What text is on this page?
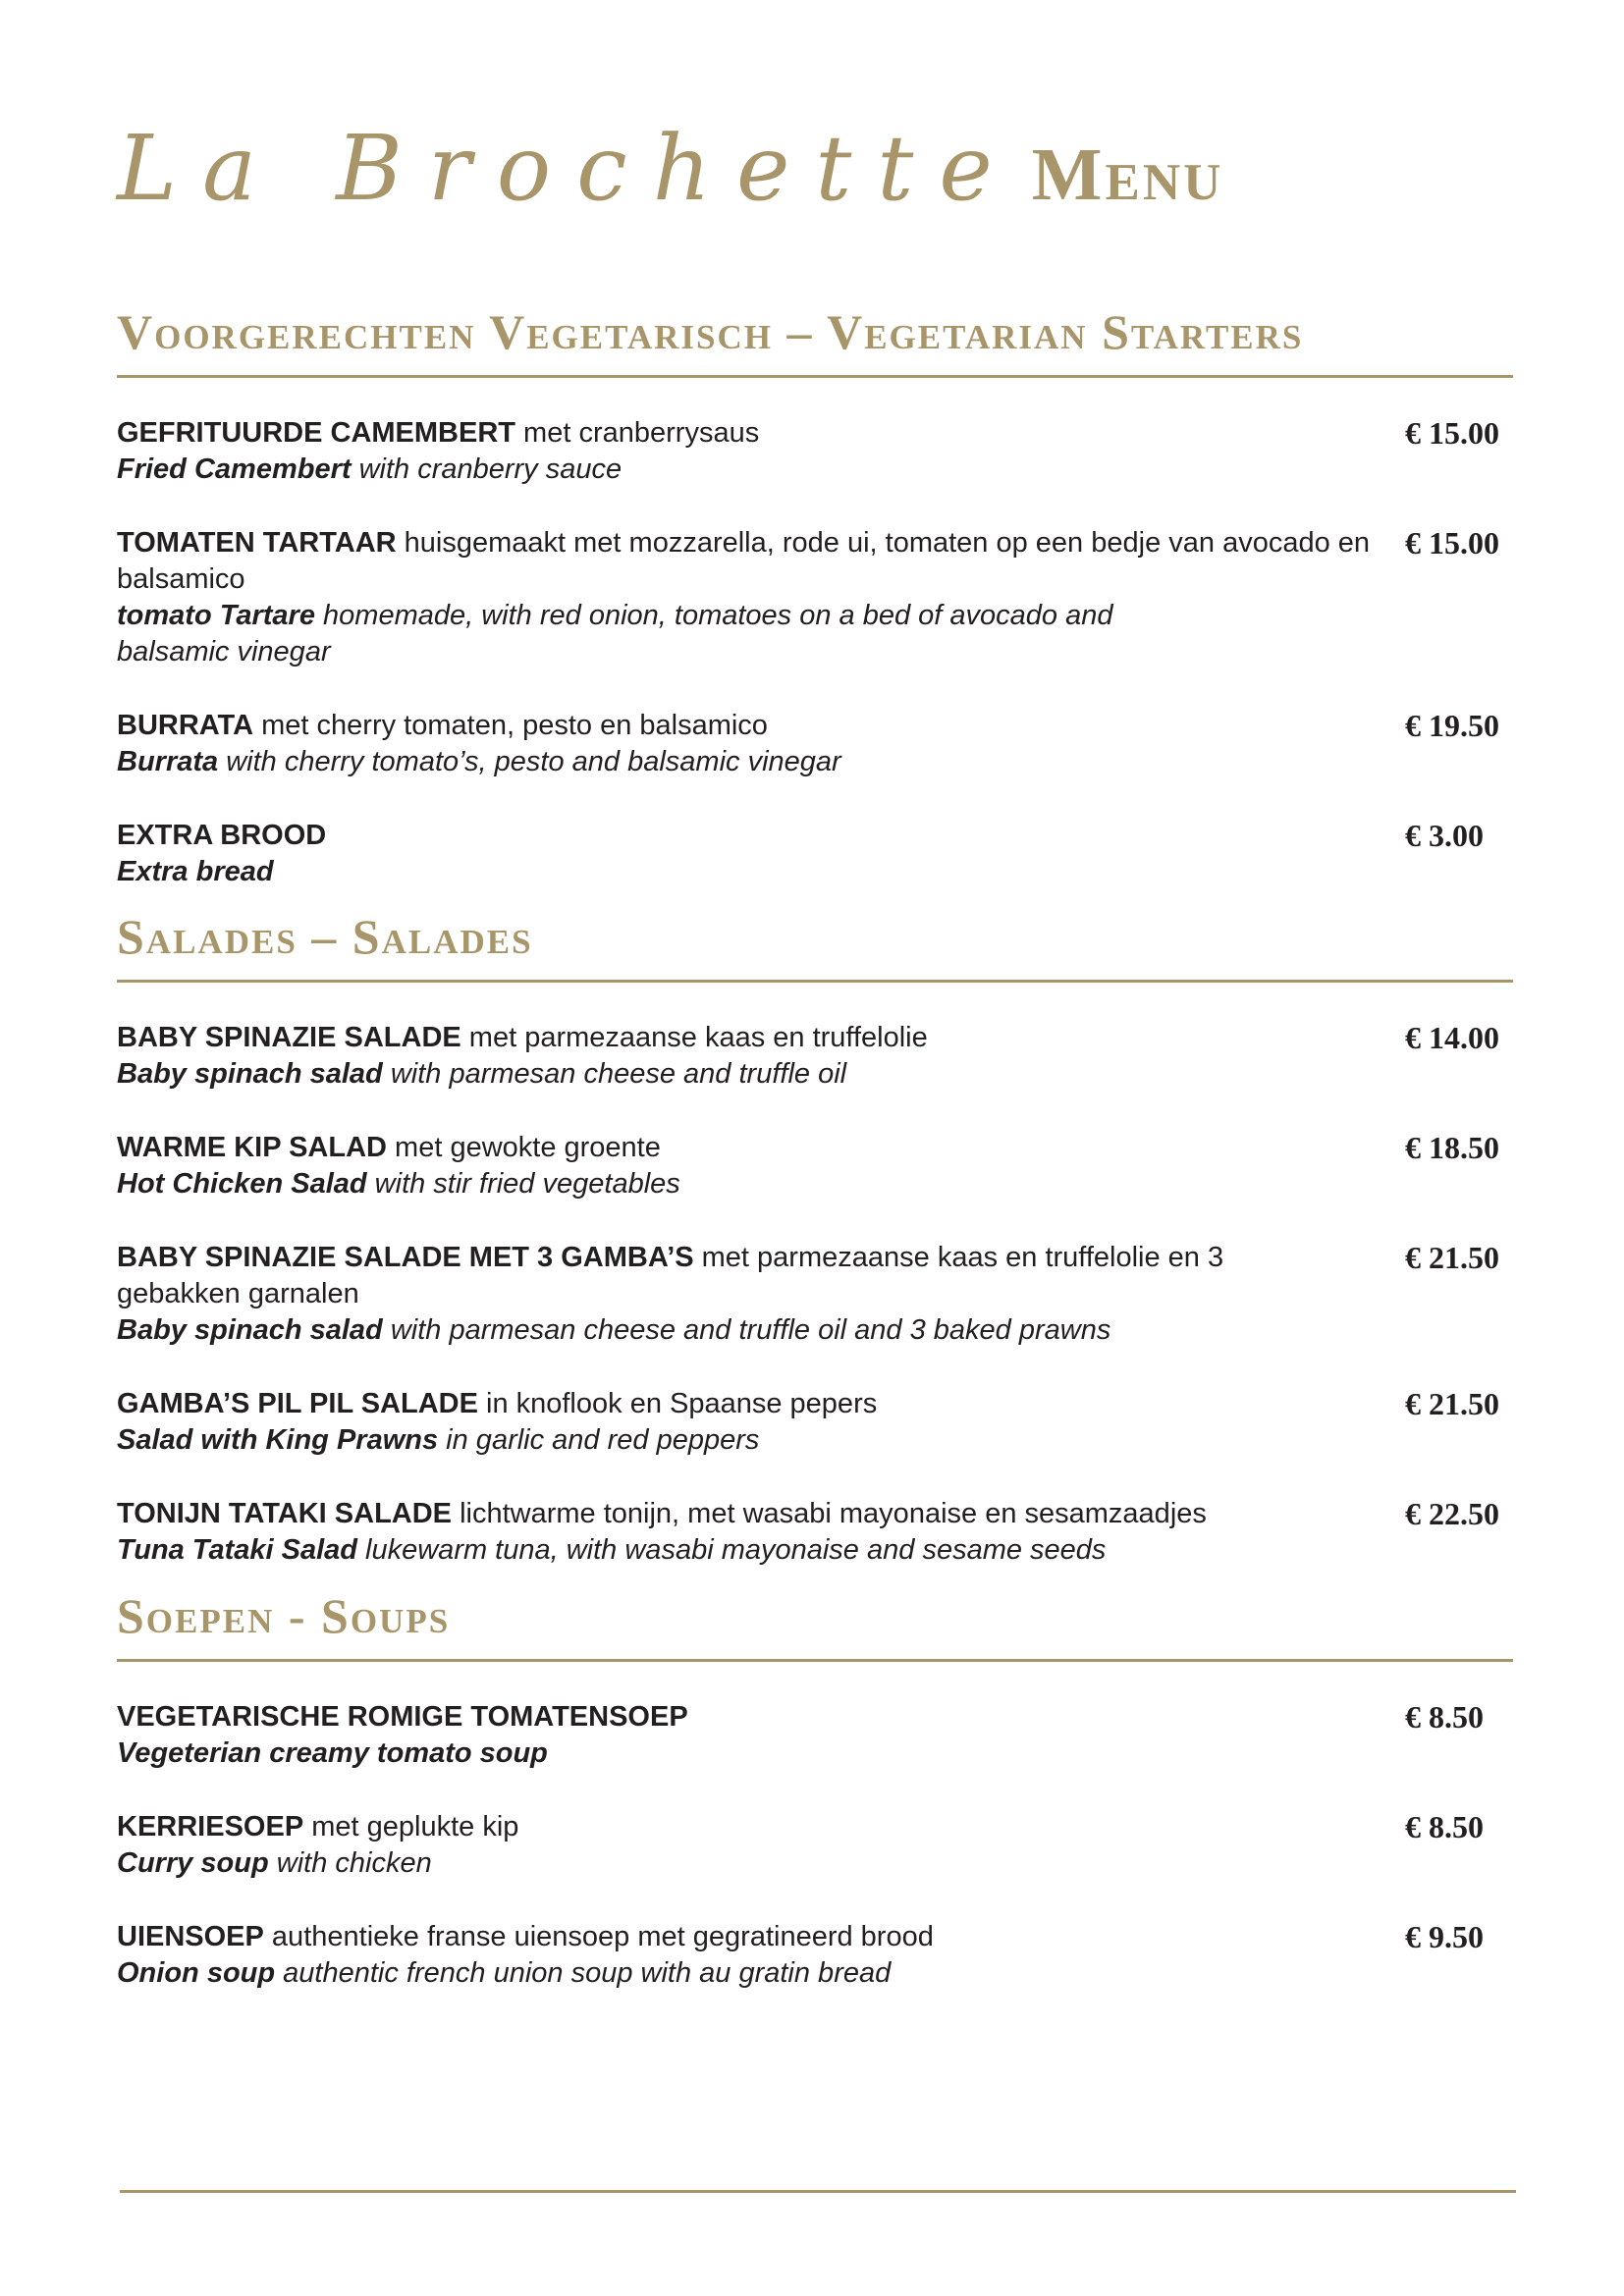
La Brochette Menu
Voorgerechten Vegetarisch – Vegetarian Starters
GEFRITUURDE CAMEMBERT met cranberrysaus
Fried Camembert with cranberry sauce
€ 15.00
TOMATEN TARTAAR huisgemaakt met mozzarella, rode ui, tomaten op een bedje van avocado en balsamico
tomato Tartare homemade, with red onion, tomatoes on a bed of avocado and balsamic vinegar
€ 15.00
BURRATA met cherry tomaten, pesto en balsamico
Burrata with cherry tomato’s, pesto and balsamic vinegar
€ 19.50
EXTRA BROOD
Extra bread
€ 3.00
Salades – Salades
BABY SPINAZIE SALADE met parmezaanse kaas en truffelolie
Baby spinach salad with parmesan cheese and truffle oil
€ 14.00
WARME KIP SALAD met gewokte groente
Hot Chicken Salad with stir fried vegetables
€ 18.50
BABY SPINAZIE SALADE MET 3 GAMBA’S met parmezaanse kaas en truffelolie en 3 gebakken garnalen
Baby spinach salad with parmesan cheese and truffle oil and 3 baked prawns
€ 21.50
GAMBA’S PIL PIL SALADE in knoflook en Spaanse pepers
Salad with King Prawns in garlic and red peppers
€ 21.50
TONIJN TATAKI SALADE lichtwarme tonijn, met wasabi mayonaise en sesamzaadjes
Tuna Tataki Salad lukewarm tuna, with wasabi mayonaise and sesame seeds
€ 22.50
Soepen - Soups
VEGETARISCHE ROMIGE TOMATENSOEP
Vegeterian creamy tomato soup
€ 8.50
KERRIESOEP met geplukte kip
Curry soup with chicken
€ 8.50
UIENSOEP authentieke franse uiensoep met gegratineerd brood
Onion soup authentic french union soup with au gratin bread
€ 9.50
